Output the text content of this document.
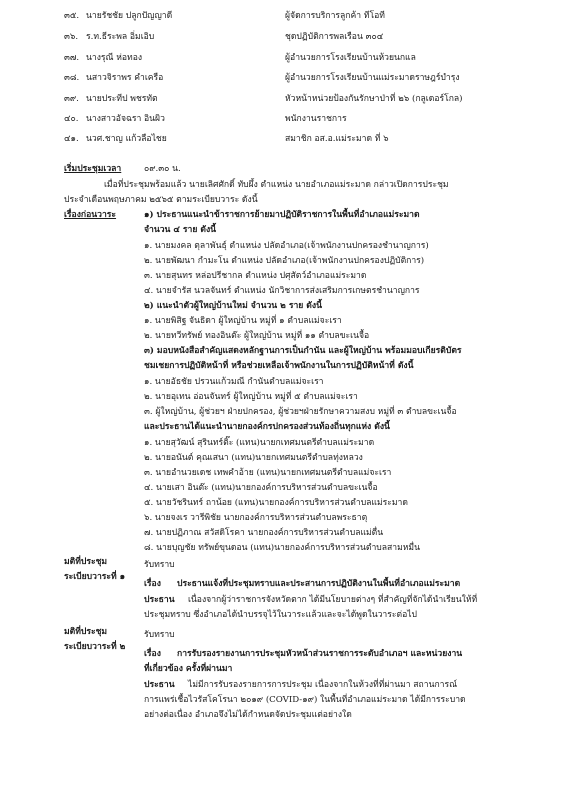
๓๕. นายรัชชัย ปลูกปัญญาดี	ผู้จัดการบริการลูกค้า ทีโอที
๓๖. ร.ท.ธีระพล อิ่มเอิบ	ชุดปฏิบัติการพลเรือน ๓๐๔
๓๗. นางรุณี ห่อทอง	ผู้อำนวยการโรงเรียนบ้านห้วยนกแล
๓๘. นสาวจิราพร คำเครือ	ผู้อำนวยการโรงเรียนบ้านแม่ระมาดราษฎร์บำรุง
๓๙. นายประทีป พชรทัต	หัวหน้าหน่วยป้องกันรักษาป่าที่ ๒๖ (กลูเดอร์โกล)
๔๐. นางสาวอัจฉรา อินผิว	พนักงานราชการ
๔๑. นวศ.ชาญ แก้วลือไชย	สมาชิก อส.อ.แม่ระมาด ที่ ๖
เริ่มประชุมเวลา	๐๙.๓๐ น.
เมื่อที่ประชุมพร้อมแล้ว นายเลิศศักดิ์ ทับผึ้ง ตำแหน่ง นายอำเภอแม่ระมาด กล่าวเปิดการประชุม
ประจำเดือนพฤษภาคม ๒๕๖๕ ตามระเบียบวาระ ดังนี้
เรื่องก่อนวาระ	๑) ประธานแนะนำข้าราชการย้ายมาปฏิบัติราชการในพื้นที่อำเภอแม่ระมาด
จำนวน ๔ ราย ดังนี้
๑. นายมงคล ตุลาพันธุ์ ตำแหน่ง ปลัดอำเภอ(เจ้าพนักงานปกครองชำนาญการ)
๒. นายพัฒนา กำมะโน ตำแหน่ง ปลัดอำเภอ(เจ้าพนักงานปกครองปฏิบัติการ)
๓. นายสุนทร หล่อปรีชากล ตำแหน่ง ปศุสัตว์อำเภอแม่ระมาด
๔. นายจำรัส นวลจันทร์ ตำแหน่ง นักวิชาการส่งเสริมการเกษตรชำนาญการ
๒) แนะนำตัวผู้ใหญ่บ้านใหม่ จำนวน ๒ ราย ดังนี้
๑. นายพิสิฐ จันธิดา ผู้ใหญ่บ้าน หมู่ที่ ๑ ตำบลแม่จะเรา
๒. นายทวีทรัพย์ ทองอินต๊ะ ผู้ใหญ่บ้าน หมู่ที่ ๑๑ ตำบลขะเนจื้อ
๓) มอบหนังสือสำคัญแสดงหลักฐานการเป็นกำนัน และผู้ใหญ่บ้าน พร้อมมอบเกียรติบัตร
ชมเชยการปฏิบัติหน้าที่ หรือช่วยเหลือเจ้าพนักงานในการปฏิบัติหน้าที่ ดังนี้
๑. นายอัธชัย ปรวนแก้วมณี กำนันตำบลแม่จะเรา
๒. นายอุเทน อ่อนจันทร์ ผู้ใหญ่บ้าน หมู่ที่ ๕ ตำบลแม่จะเรา
๓. ผู้ใหญ่บ้าน, ผู้ช่วยฯ ฝ่ายปกครอง, ผู้ช่วยฯฝ่ายรักษาความสงบ หมู่ที่ ๓ ตำบลขะเนจื้อ
และประธานได้แนะนำนายกองค์กรปกครองส่วนท้องถิ่นทุกแห่ง ดังนี้
๑. นายสุวัฒน์ สุรินทร์ติ๊ะ (แทน)นายกเทศมนตรีตำบลแม่ระมาด
๒. นายอนันต์ คุณเสนา (แทน)นายกเทศมนตรีตำบลทุ่งหลวง
๓. นายอำนวยเดช เทพคำอ้าย (แทน)นายกเทศมนตรีตำบลแม่จะเรา
๔. นายเสา อินต๊ะ (แทน)นายกองค์การบริหารส่วนตำบลขะเนจื้อ
๕. นายวัชรินทร์ ถาน้อย (แทน)นายกองค์การบริหารส่วนตำบลแม่ระมาด
๖. นายจงเร วารีพิชัย นายกองค์การบริหารส่วนตำบลพระธาตุ
๗. นายปฏิภาณ สวัสดิโรคา นายกองค์การบริหารส่วนตำบลแม่ตื่น
๘. นายบุญชัย ทรัพย์ขุนดอน (แทน)นายกองค์การบริหารส่วนตำบลสามหมื่น
มติที่ประชุม	รับทราบ
ระเบียบวาระที่ ๑
เรื่อง ประธานแจ้งที่ประชุมทราบและประสานการปฏิบัติงานในพื้นที่อำเภอแม่ระมาด
ประธาน เนื่องจากผู้ว่าราชการจังหวัดตาก ได้มีนโยบายต่างๆ ที่สำคัญที่จักได้นำเรียนให้ที่
ประชุมทราบ ซึ่งอำเภอได้นำบรรจุไว้ในวาระแล้วและจะได้พูดในวาระต่อไป
มติที่ประชุม	รับทราบ
ระเบียบวาระที่ ๒
เรื่อง การรับรองรายงานการประชุมหัวหน้าส่วนราชการระดับอำเภอฯ และหน่วยงาน
ที่เกี่ยวข้อง ครั้งที่ผ่านมา
ประธาน ไม่มีการรับรองรายการการประชุม เนื่องจากในห้วงที่ที่ผ่านมา สถานการณ์
การแพร่เชื้อไวรัสโคโรนา ๒๐๑๙ (COVID-๑๙) ในพื้นที่อำเภอแม่ระมาด ได้มีการระบาด
อย่างต่อเนื่อง อำเภอจึงไม่ได้กำหนดจัดประชุมแต่อย่างใด
